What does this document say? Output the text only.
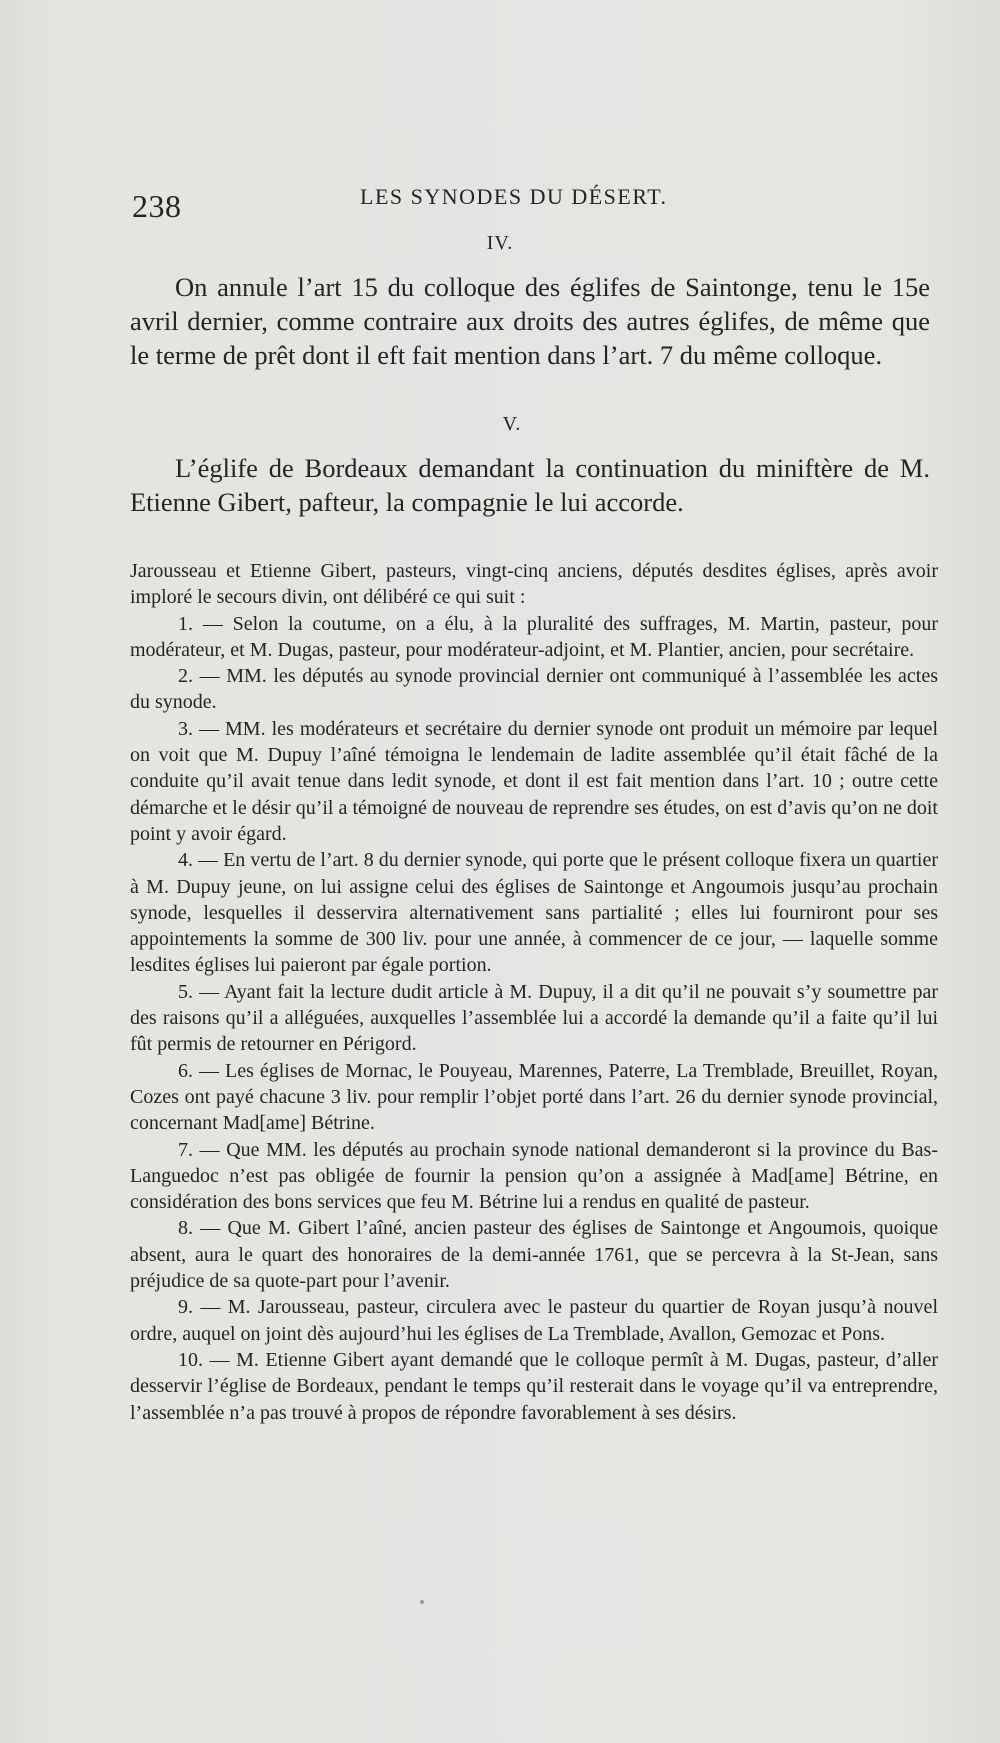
238	LES SYNODES DU DÉSERT.
IV.

On annule l’art 15 du colloque des églifes de Saintonge, tenu le 15e avril dernier, comme contraire aux droits des autres églifes, de même que le terme de prêt dont il eft fait mention dans l’art. 7 du même colloque.

V.

L’églife de Bordeaux demandant la continuation du miniftère de M. Etienne Gibert, pafteur, la compagnie le lui accorde.

Jarousseau et Etienne Gibert, pasteurs, vingt-cinq anciens, députés desdites églises, après avoir imploré le secours divin, ont délibéré ce qui suit :

1. — Selon la coutume, on a élu, à la pluralité des suffrages, M. Martin, pasteur, pour modérateur, et M. Dugas, pasteur, pour modérateur-adjoint, et M. Plantier, ancien, pour secrétaire.

2. — MM. les députés au synode provincial dernier ont communiqué à l’assemblée les actes du synode.

3. — MM. les modérateurs et secrétaire du dernier synode ont produit un mémoire par lequel on voit que M. Dupuy l’aîné témoigna le lendemain de ladite assemblée qu’il était fâché de la conduite qu’il avait tenue dans ledit synode, et dont il est fait mention dans l’art. 10 ; outre cette démarche et le désir qu’il a témoigné de nouveau de reprendre ses études, on est d’avis qu’on ne doit point y avoir égard.

4. — En vertu de l’art. 8 du dernier synode, qui porte que le présent colloque fixera un quartier à M. Dupuy jeune, on lui assigne celui des églises de Saintonge et Angoumois jusqu’au prochain synode, lesquelles il desservira alternativement sans partialité ; elles lui fourniront pour ses appointements la somme de 300 liv. pour une année, à commencer de ce jour, — laquelle somme lesdites églises lui paieront par égale portion.

5. — Ayant fait la lecture dudit article à M. Dupuy, il a dit qu’il ne pouvait s’y soumettre par des raisons qu’il a alléguées, auxquelles l’assemblée lui a accordé la demande qu’il a faite qu’il lui fût permis de retourner en Périgord.

6. — Les églises de Mornac, le Pouyeau, Marennes, Paterre, La Tremblade, Breuillet, Royan, Cozes ont payé chacune 3 liv. pour remplir l’objet porté dans l’art. 26 du dernier synode provincial, concernant Mad[ame] Bétrine.

7. — Que MM. les députés au prochain synode national demanderont si la province du Bas-Languedoc n’est pas obligée de fournir la pension qu’on a assignée à Mad[ame] Bétrine, en considération des bons services que feu M. Bétrine lui a rendus en qualité de pasteur.

8. — Que M. Gibert l’aîné, ancien pasteur des églises de Saintonge et Angoumois, quoique absent, aura le quart des honoraires de la demi-année 1761, que se percevra à la St-Jean, sans préjudice de sa quote-part pour l’avenir.

9. — M. Jarousseau, pasteur, circulera avec le pasteur du quartier de Royan jusqu’à nouvel ordre, auquel on joint dès aujourd’hui les églises de La Tremblade, Avallon, Gemozac et Pons.

10. — M. Etienne Gibert ayant demandé que le colloque permît à M. Dugas, pasteur, d’aller desservir l’église de Bordeaux, pendant le temps qu’il resterait dans le voyage qu’il va entreprendre, l’assemblée n’a pas trouvé à propos de répondre favorablement à ses désirs.
